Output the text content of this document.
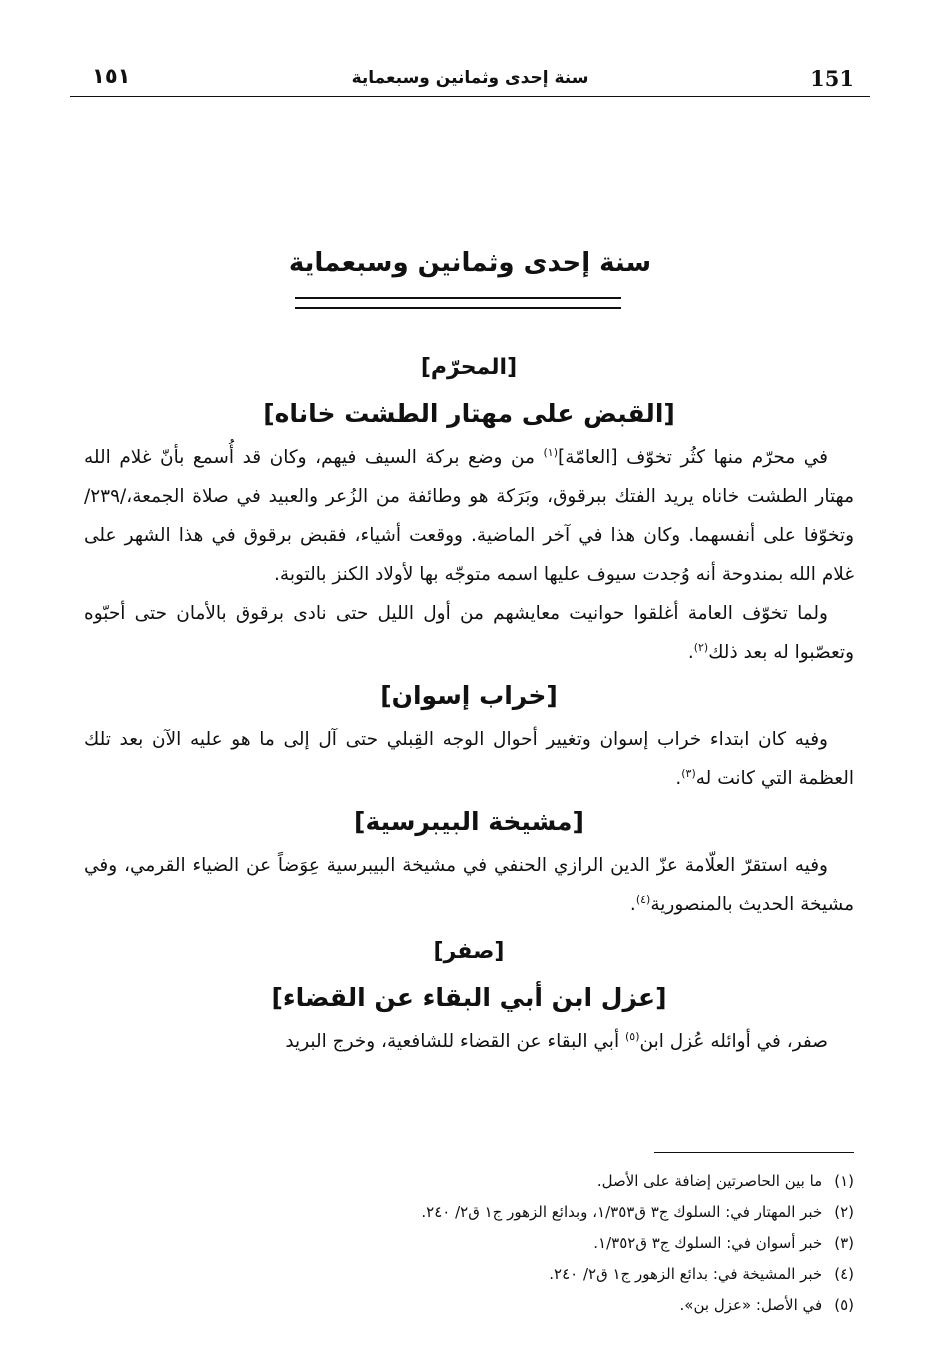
١٥١	سنة إحدى وثمانين وسبعماية	151
سنة إحدى وثمانين وسبعماية
[المحرّم]
[القبض على مهتار الطشت خاناه]

في محرّم منها كثُر تخوّف [العامّة]$^{(١)}$ من وضع بركة السيف فيهم، وكان قد أُسمع بأنّ غلام الله مهتار الطشت خاناه يريد الفتك ببرقوق، وبَرَكة هو وطائفة من الزُعر والعبيد في صلاة الجمعة،/٢٣٩/وتخوّفا على أنفسهما. وكان هذا في آخر الماضية. ووقعت أشياء، فقبض برقوق في هذا الشهر على غلام الله بمندوحة أنه وُجدت سيوف عليها اسمه متوجّه بها لأولاد الكنز بالتوبة.

ولما تخوّف العامة أغلقوا حوانيت معايشهم من أول الليل حتى نادى برقوق بالأمان حتى أحبّوه وتعصّبوا له بعد ذلك$^{(٢)}$.

[خراب إسوان]

وفيه كان ابتداء خراب إسوان وتغيير أحوال الوجه القِبلي حتى آل إلى ما هو عليه الآن بعد تلك العظمة التي كانت له$^{(٣)}$.

[مشيخة البيبرسية]

وفيه استقرّ العلّامة عزّ الدين الرازي الحنفي في مشيخة البيبرسية عِوَضاً عن الضياء القرمي، وفي مشيخة الحديث بالمنصورية$^{(٤)}$.

[صفر]
[عزل ابن أبي البقاء عن القضاء]

صفر، في أوائله عُزل ابن$^{(٥)}$ أبي البقاء عن القضاء للشافعية، وخرج البريد

(١)ما بين الحاصرتين إضافة على الأصل.
(٢)خبر المهتار في: السلوك ج٣ ق١/٣٥٣، وبدائع الزهور ج١ ق٢/ ٢٤٠.
(٣)خبر أسوان في: السلوك ج٣ ق١/٣٥٢.
(٤)خبر المشيخة في: بدائع الزهور ج١ ق٢/ ٢٤٠.
(٥)في الأصل: «عزل بن».
